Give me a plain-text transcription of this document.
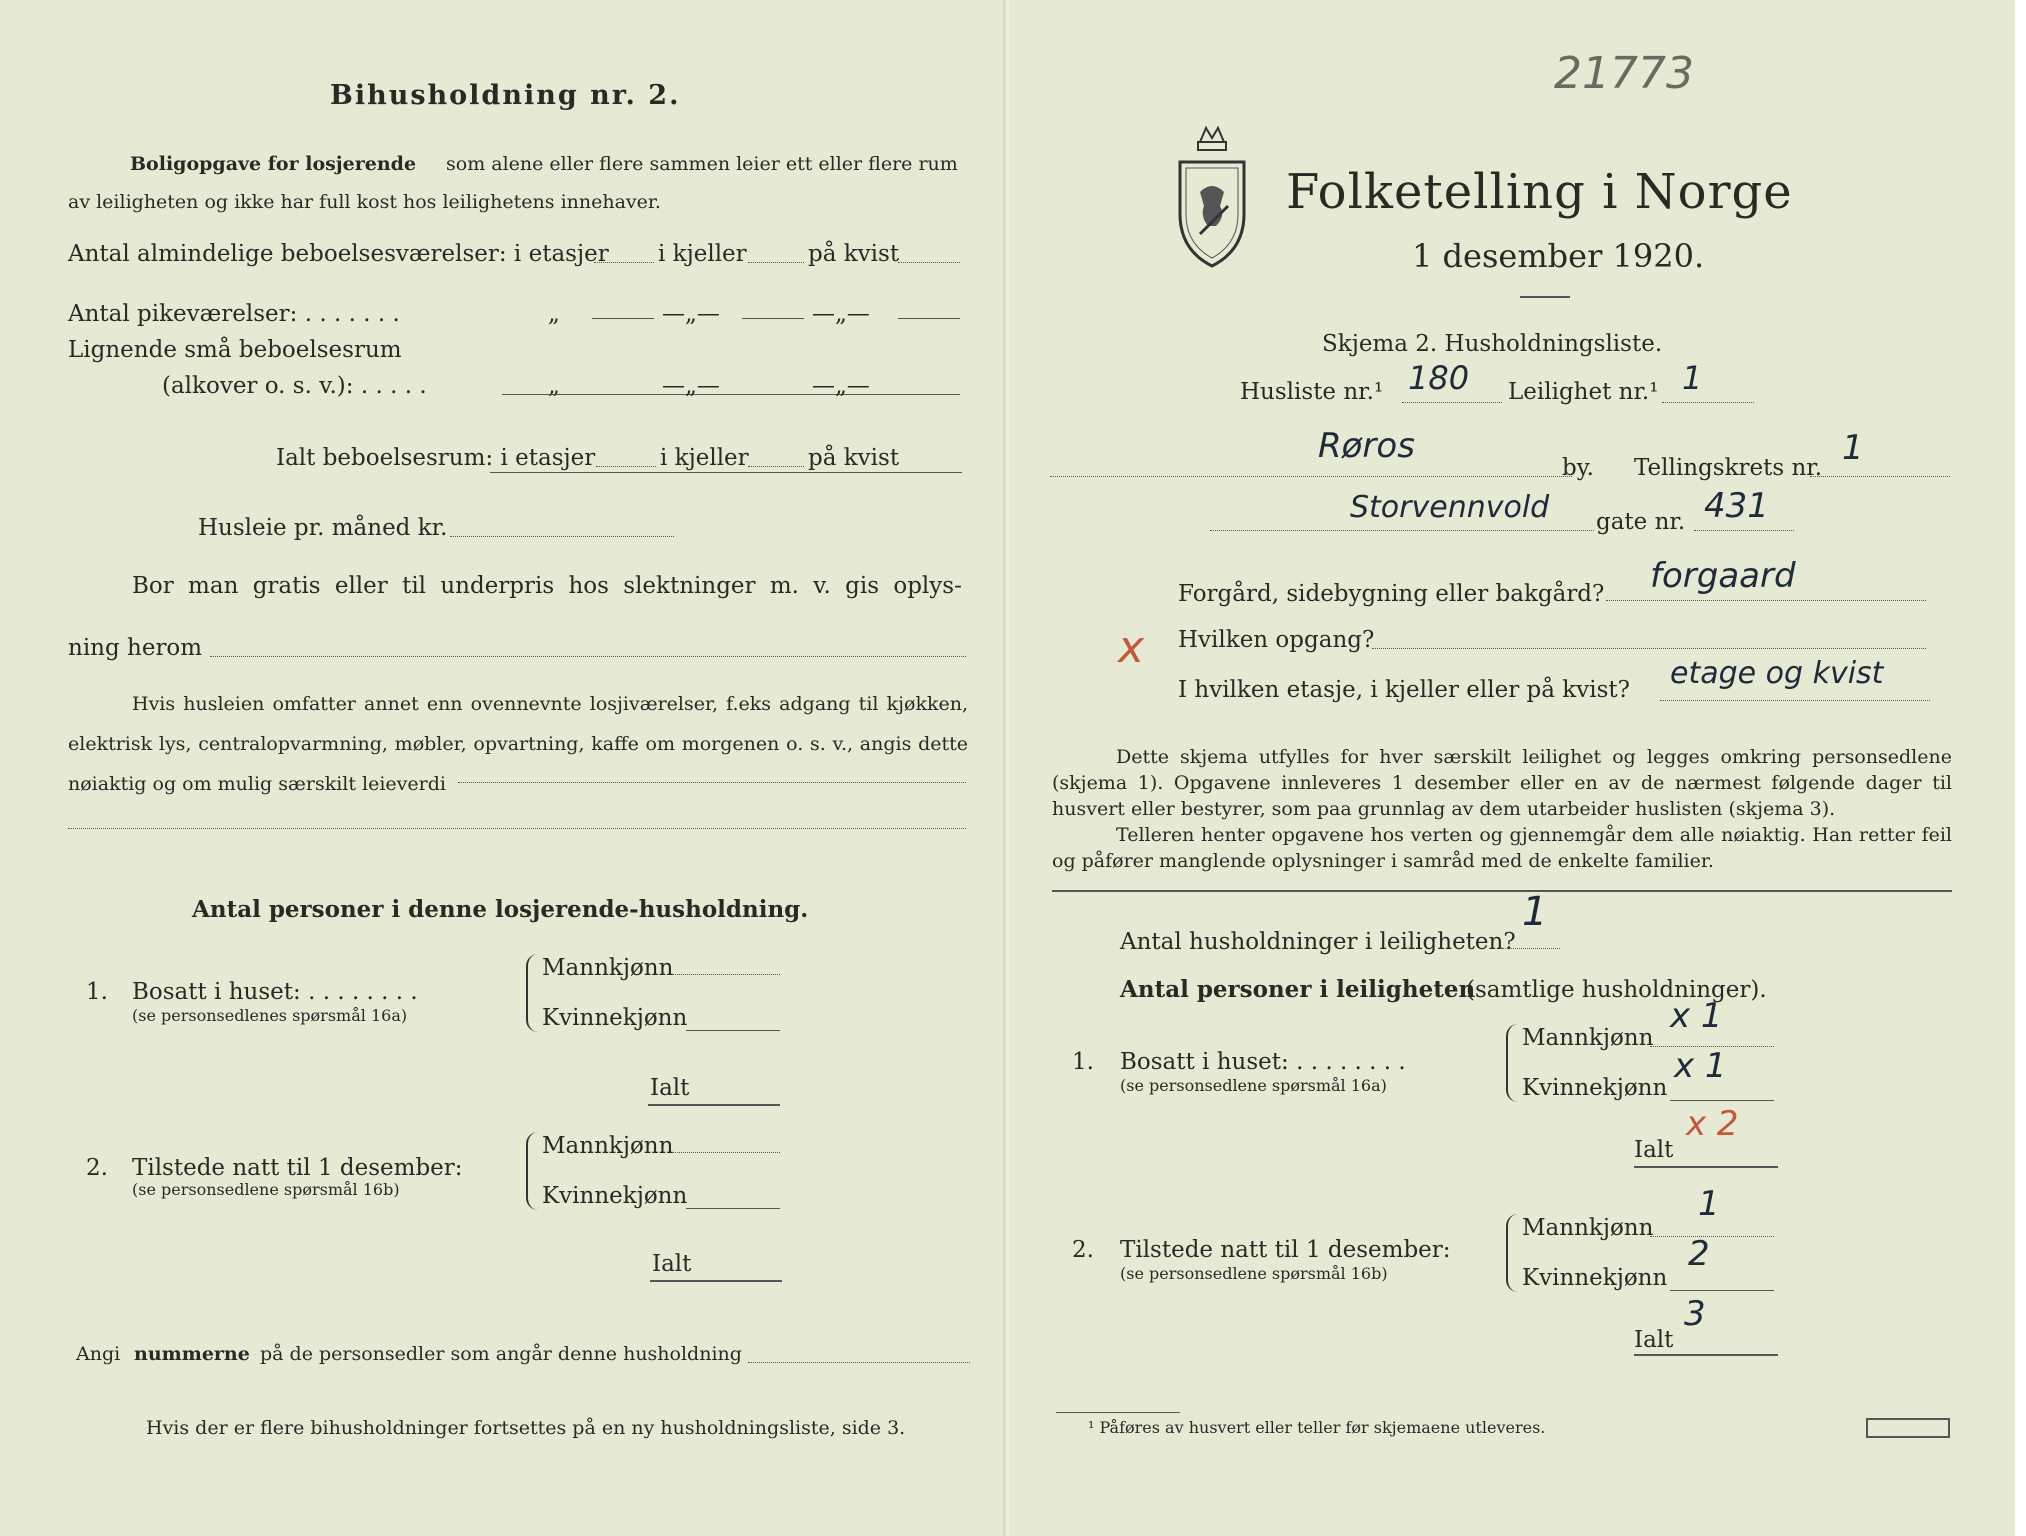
Bihusholdning nr. 2.
Boligopgave for losjerende som alene eller flere sammen leier ett eller flere rum
av leiligheten og ikke har full kost hos leilighetens innehaver.
Antal almindelige beboelsesværelser: i etasjer i kjeller	på kvist
Antal pikeværelser: . . . . . . .	„	—„—	—„—
Lignende små beboelsesrum
(alkover o. s. v.): . . . . .	„	—„—	—„—
Ialt beboelsesrum: i etasjer	i kjeller	på kvist
Husleie pr. måned kr.
Bor man gratis eller til underpris hos slektninger m. v. gis oplys-
ning herom
Hvis husleien omfatter annet enn ovennevnte losjiværelser, f.eks adgang til kjøkken, elektrisk lys, centralopvarmning, møbler, opvartning, kaffe om morgenen o. s. v., angis dette nøiaktig og om mulig særskilt leieverdi
Antal personer i denne losjerende-husholdning.
1. Bosatt i huset: . . . . . . . .
(se personsedlenes spørsmål 16a)
Mannkjønn
Kvinnekjønn
Ialt
2. Tilstede natt til 1 desember:
(se personsedlene spørsmål 16b)
Mannkjønn
Kvinnekjønn
Ialt
Angi nummerne på de personsedler som angår denne husholdning
Hvis der er flere bihusholdninger fortsettes på en ny husholdningsliste, side 3.
21773
Folketelling i Norge
1 desember 1920.
Skjema 2. Husholdningsliste.
Husliste nr.¹ 180 Leilighet nr.¹ 1
Røros
by. Tellingskrets nr. 1
Storvennvold gate nr. 431
Forgård, sidebygning eller bakgård? forgaard
x Hvilken opgang?
I hvilken etasje, i kjeller eller på kvist? etage og kvist
Dette skjema utfylles for hver særskilt leilighet og legges omkring personsedlene (skjema 1). Opgavene innleveres 1 desember eller en av de nærmest følgende dager til husvert eller bestyrer, som paa grunnlag av dem utarbeider huslisten (skjema 3).
Telleren henter opgavene hos verten og gjennemgår dem alle nøiaktig. Han retter feil og påfører manglende oplysninger i samråd med de enkelte familier.
Antal husholdninger i leiligheten?
1
Antal personer i leiligheten
(samtlige husholdninger).
1. Bosatt i huset: . . . . . . . .
(se personsedlene spørsmål 16a)
Mannkjønn
x 1
Kvinnekjønn
x 1
Ialt
x 2
2. Tilstede natt til 1 desember:
(se personsedlene spørsmål 16b)
Mannkjønn
1
Kvinnekjønn
2
Ialt
3
¹ Påføres av husvert eller teller før skjemaene utleveres.
